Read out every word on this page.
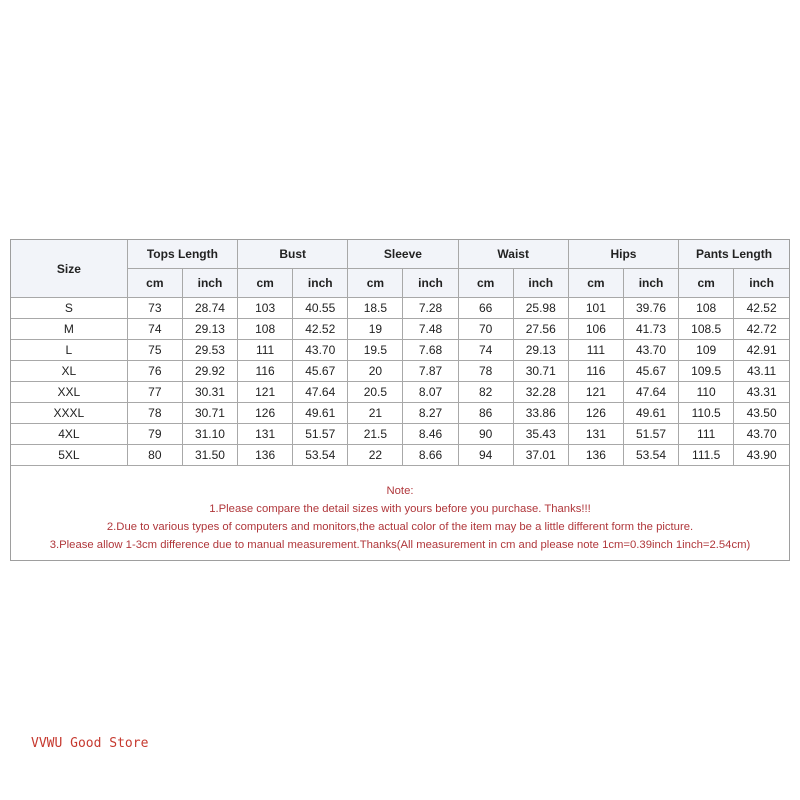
Size	Tops Length		Bust		Sleeve		Waist		Hips		Pants Length	
	cm	inch	cm	inch	cm	inch	cm	inch	cm	inch	cm	inch
S	73	28.74	103	40.55	18.5	7.28	66	25.98	101	39.76	108	42.52
M	74	29.13	108	42.52	19	7.48	70	27.56	106	41.73	108.5	42.72
L	75	29.53	111	43.70	19.5	7.68	74	29.13	111	43.70	109	42.91
XL	76	29.92	116	45.67	20	7.87	78	30.71	116	45.67	109.5	43.11
XXL	77	30.31	121	47.64	20.5	8.07	82	32.28	121	47.64	110	43.31
XXXL	78	30.71	126	49.61	21	8.27	86	33.86	126	49.61	110.5	43.50
4XL	79	31.10	131	51.57	21.5	8.46	90	35.43	131	51.57	111	43.70
5XL	80	31.50	136	53.54	22	8.66	94	37.01	136	53.54	111.5	43.90
Note:
1.Please compare the detail sizes with yours before you purchase. Thanks!!!
2.Due to various types of computers and monitors,the actual color of the item may be a little different form the picture.
3.Please allow 1-3cm difference due to manual measurement.Thanks(All measurement in cm and please note 1cm=0.39inch 1inch=2.54cm)
VVWU Good Store
